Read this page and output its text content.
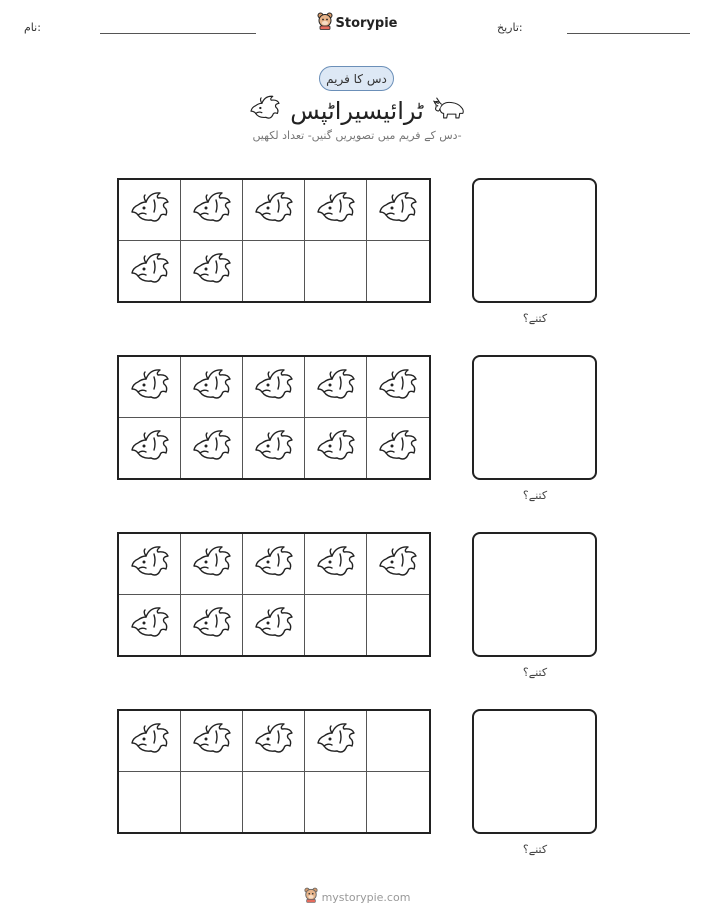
نام:	تاریخ:
Storypie
دس کا فریم
ٹرائیسیراٹپس
دس کے فریم میں تصویریں گنیں- تعداد لکھیں-
کتنے؟
کتنے؟
کتنے؟
کتنے؟
mystorypie.com
